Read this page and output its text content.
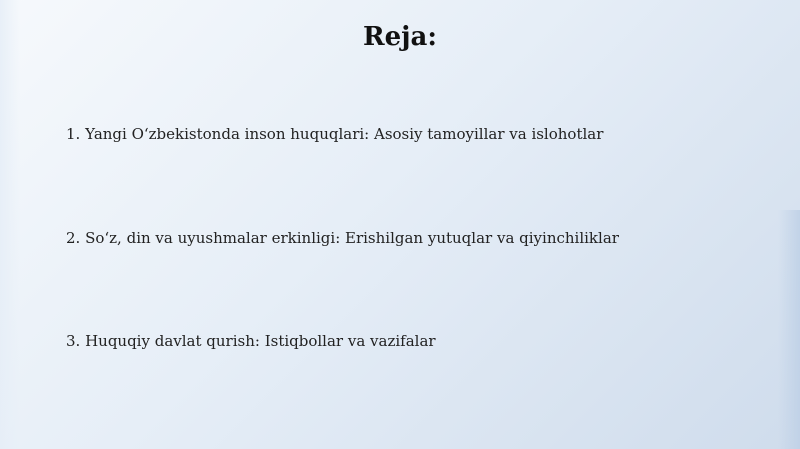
Reja:
1. Yangi O‘zbekistonda inson huquqlari: Asosiy tamoyillar va islohotlar
2. So‘z, din va uyushmalar erkinligi: Erishilgan yutuqlar va qiyinchiliklar
3. Huquqiy davlat qurish: Istiqbollar va vazifalar
